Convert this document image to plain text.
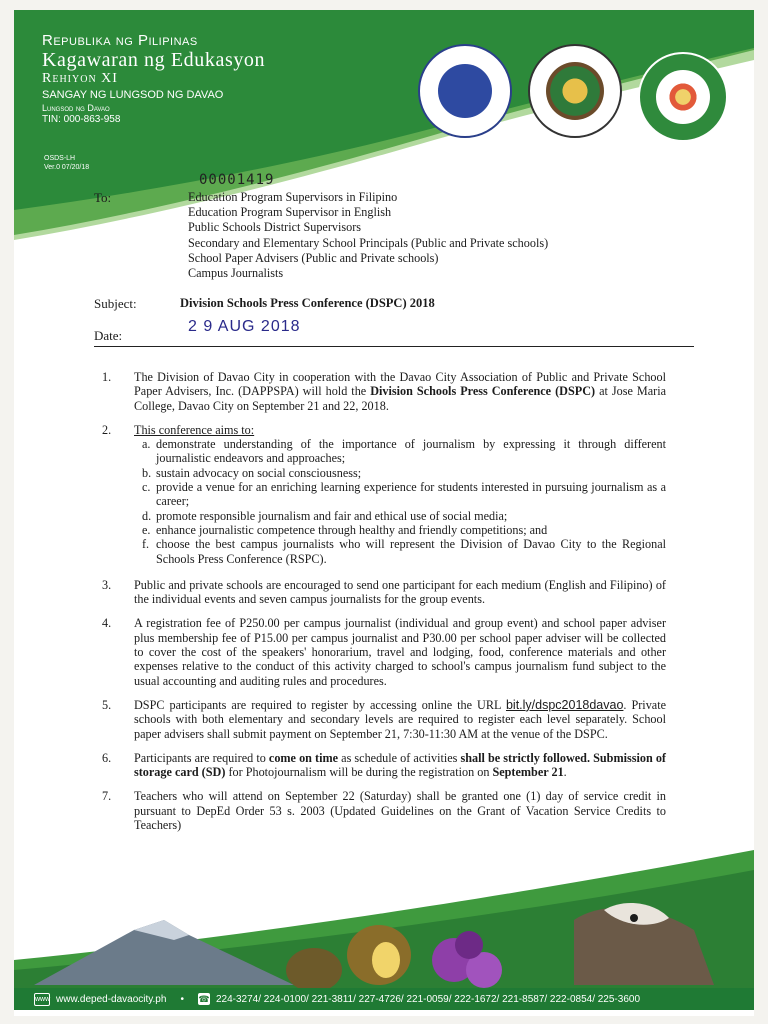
Republika ng Pilipinas
Kagawaran ng Edukasyon
Rehiyon XI
SANGAY NG LUNGSOD NG DAVAO
Lungsod ng Davao
TIN: 000-863-958
OSDS-LH
Ver.0 07/20/18
00001419
To:	Education Program Supervisors in Filipino
Education Program Supervisor in English
Public Schools District Supervisors
Secondary and Elementary School Principals (Public and Private schools)
School Paper Advisers (Public and Private schools)
Campus Journalists
Subject:	Division Schools Press Conference (DSPC) 2018
Date:
2 9 AUG 2018
1. The Division of Davao City in cooperation with the Davao City Association of Public and Private School Paper Advisers, Inc. (DAPPSPA) will hold the Division Schools Press Conference (DSPC) at Jose Maria College, Davao City on September 21 and 22, 2018.
2. This conference aims to:
a. demonstrate understanding of the importance of journalism by expressing it through different journalistic endeavors and approaches;
b. sustain advocacy on social consciousness;
c. provide a venue for an enriching learning experience for students interested in pursuing journalism as a career;
d. promote responsible journalism and fair and ethical use of social media;
e. enhance journalistic competence through healthy and friendly competitions; and
f. choose the best campus journalists who will represent the Division of Davao City to the Regional Schools Press Conference (RSPC).
3. Public and private schools are encouraged to send one participant for each medium (English and Filipino) of the individual events and seven campus journalists for the group events.
4. A registration fee of P250.00 per campus journalist (individual and group event) and school paper adviser plus membership fee of P15.00 per campus journalist and P30.00 per school paper adviser will be collected to cover the cost of the speakers' honorarium, travel and lodging, food, conference materials and other expenses relative to the conduct of this activity charged to school's campus journalism fund subject to the usual accounting and auditing rules and procedures.
5. DSPC participants are required to register by accessing online the URL bit.ly/dspc2018davao. Private schools with both elementary and secondary levels are required to register each level separately. School paper advisers shall submit payment on September 21, 7:30-11:30 AM at the venue of the DSPC.
6. Participants are required to come on time as schedule of activities shall be strictly followed. Submission of storage card (SD) for Photojournalism will be during the registration on September 21.
7. Teachers who will attend on September 22 (Saturday) shall be granted one (1) day of service credit in pursuant to DepEd Order 53 s. 2003 (Updated Guidelines on the Grant of Vacation Service Credits to Teachers)
www www.deped-davaocity.ph • ☎ 224-3274/ 224-0100/ 221-3811/ 227-4726/ 221-0059/ 222-1672/ 221-8587/ 222-0854/ 225-3600
